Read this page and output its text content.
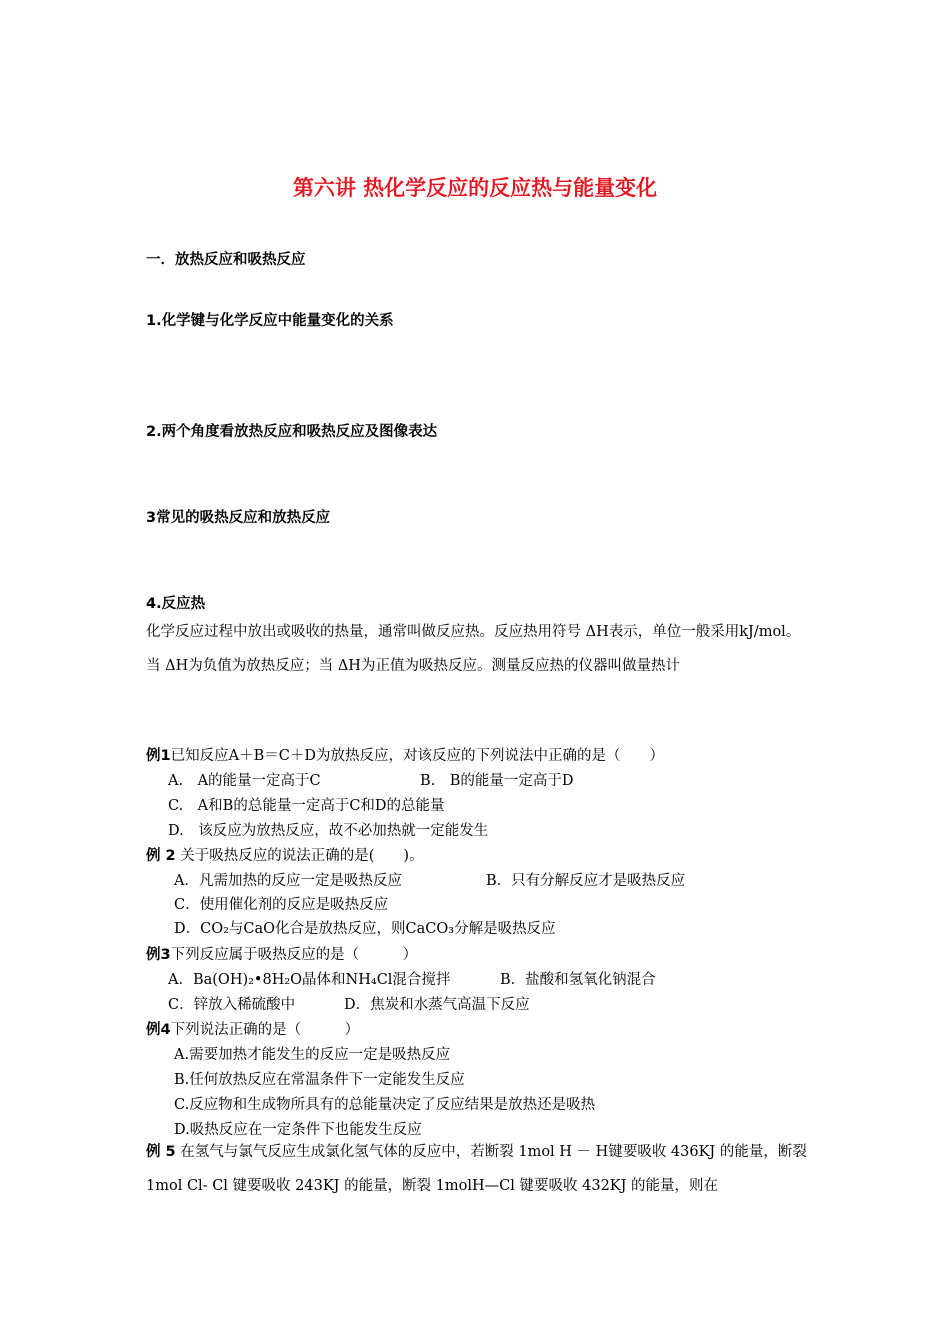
第六讲 热化学反应的反应热与能量变化
一．放热反应和吸热反应
1.化学键与化学反应中能量变化的关系
2.两个角度看放热反应和吸热反应及图像表达
3常见的吸热反应和放热反应
4.反应热
化学反应过程中放出或吸收的热量，通常叫做反应热。反应热用符号 ΔH表示，单位一般采用kJ/mol。当 ΔH为负值为放热反应；当 ΔH为正值为吸热反应。测量反应热的仪器叫做量热计
例1已知反应A＋B＝C＋D为放热反应，对该反应的下列说法中正确的是（　　）
A.　A的能量一定高于C	B.　B的能量一定高于D
C.　A和B的总能量一定高于C和D的总能量
D.　该反应为放热反应，故不必加热就一定能发生
例 2 关于吸热反应的说法正确的是(　　)。
A．凡需加热的反应一定是吸热反应	B．只有分解反应才是吸热反应
C．使用催化剂的反应是吸热反应
D．CO₂与CaO化合是放热反应，则CaCO₃分解是吸热反应
例3下列反应属于吸热反应的是（　　　）
A．Ba(OH)₂•8H₂O晶体和NH₄Cl混合搅拌	B．盐酸和氢氧化钠混合
C．锌放入稀硫酸中	D．焦炭和水蒸气高温下反应
例4下列说法正确的是（　　　）
A.需要加热才能发生的反应一定是吸热反应
B.任何放热反应在常温条件下一定能发生反应
C.反应物和生成物所具有的总能量决定了反应结果是放热还是吸热
D.吸热反应在一定条件下也能发生反应
例 5 在氢气与氯气反应生成氯化氢气体的反应中，若断裂 1mol H － H键要吸收 436KJ 的能量，断裂 1mol Cl- Cl 键要吸收 243KJ 的能量，断裂 1molH—Cl 键要吸收 432KJ 的能量，则在
